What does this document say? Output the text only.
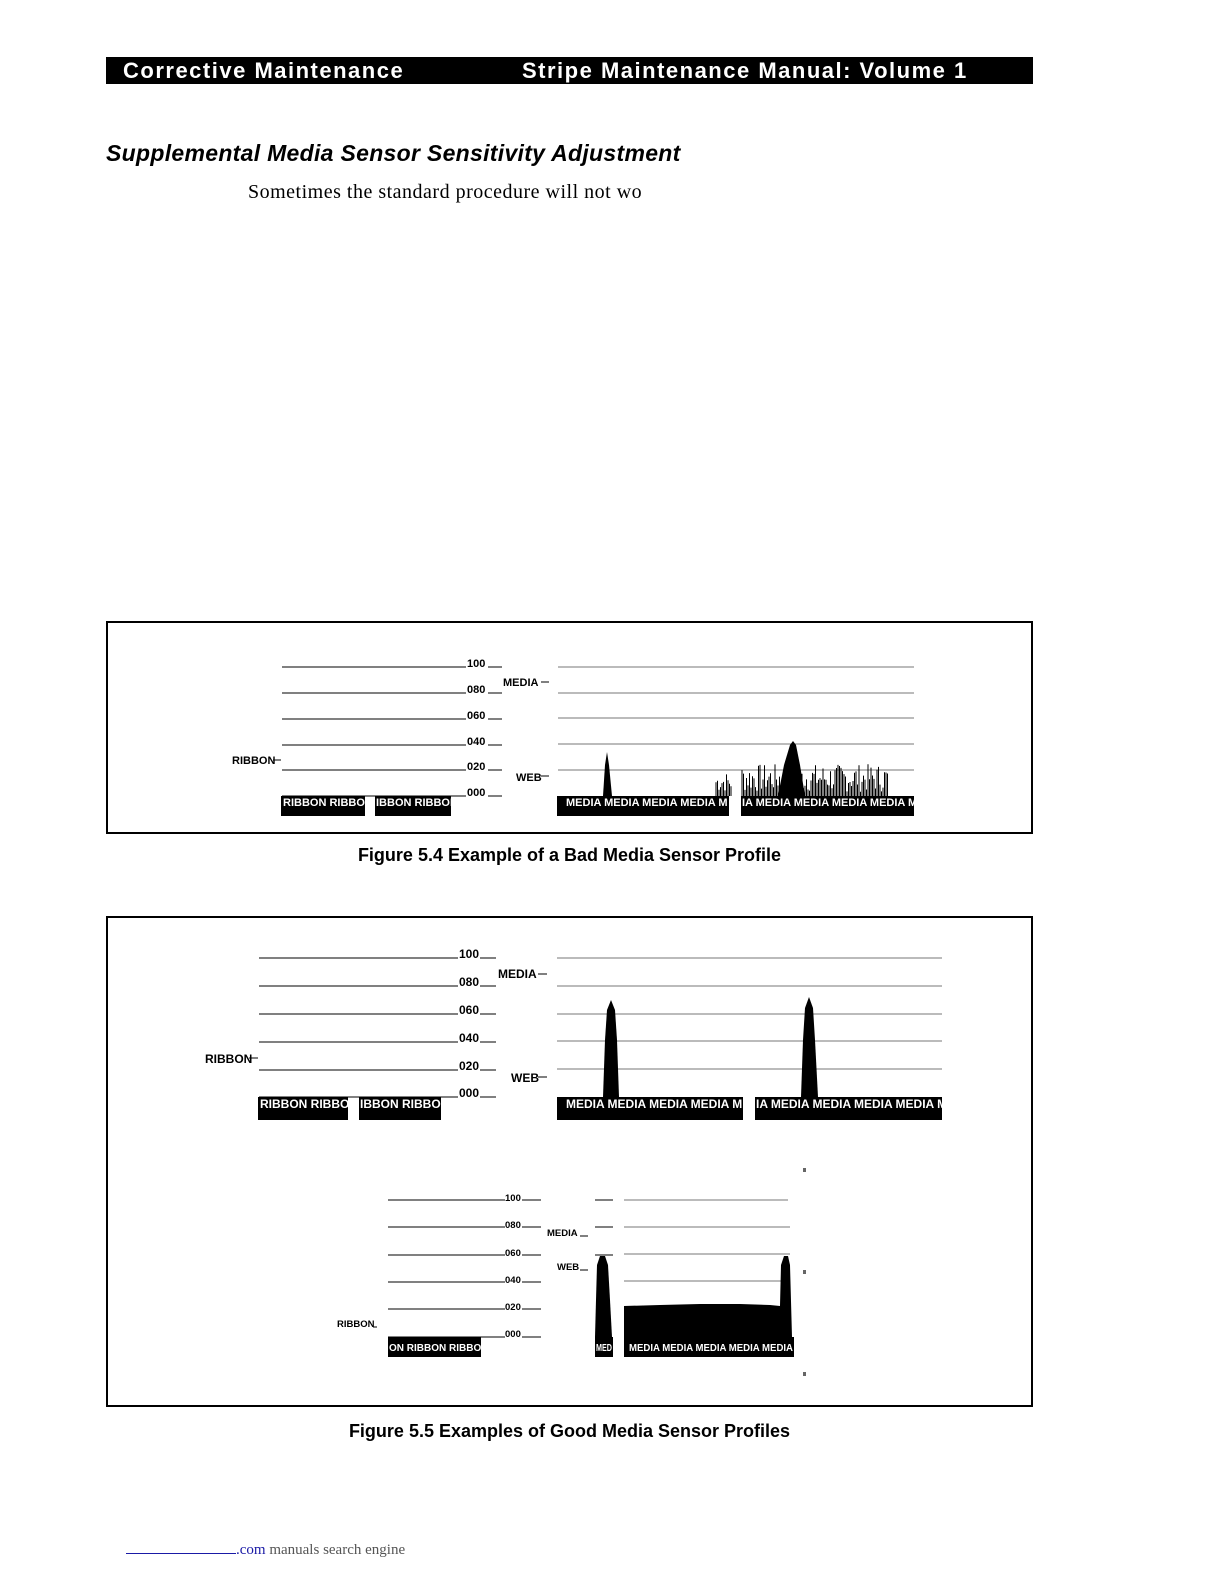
Corrective Maintenance	Stripe Maintenance Manual: Volume 1
Supplemental Media Sensor Sensitivity Adjustment
Sometimes the standard procedure will not wo
100
080
060
040
020
000
MEDIA
WEB
RIBBON
RIBBON RIBBON IBBON RIBBON	MEDIA MEDIA MEDIA MEDIA M IA MEDIA MEDIA MEDIA MEDIA M
Figure 5.4 Example of a Bad Media Sensor Profile
100
080
060
040
020
000
MEDIA
WEB
RIBBON
RIBBON RIBBON IBBON RIBBON	MEDIA MEDIA MEDIA MEDIA M IA MEDIA MEDIA MEDIA MEDIA M
100
080
060
040
020
000
MEDIA
WEB
RIBBON
ON RIBBON RIBBON	MED MEDIA MEDIA MEDIA MEDIA MEDIA
Figure 5.5 Examples of Good Media Sensor Profiles
.com manuals search engine
